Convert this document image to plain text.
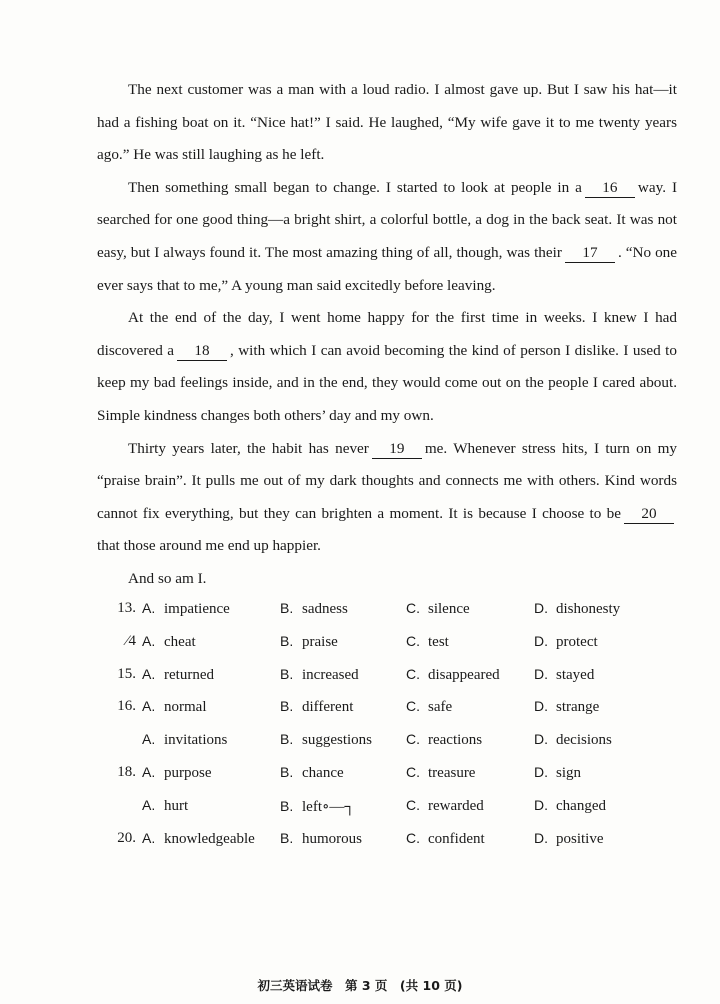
The next customer was a man with a loud radio. I almost gave up. But I saw his hat—it had a fishing boat on it. “Nice hat!” I said. He laughed, “My wife gave it to me twenty years ago.” He was still laughing as he left.

Then something small began to change. I started to look at people in a 16 way. I searched for one good thing—a bright shirt, a colorful bottle, a dog in the back seat. It was not easy, but I always found it. The most amazing thing of all, though, was their 17 . “No one ever says that to me,” A young man said excitedly before leaving.

At the end of the day, I went home happy for the first time in weeks. I knew I had discovered a 18 , with which I can avoid becoming the kind of person I dislike. I used to keep my bad feelings inside, and in the end, they would come out on the people I cared about. Simple kindness changes both others’ day and my own.

Thirty years later, the habit has never 19 me. Whenever stress hits, I turn on my “praise brain”. It pulls me out of my dark thoughts and connects me with others. Kind words cannot fix everything, but they can brighten a moment. It is because I choose to be 20that those around me end up happier.

And so am I.

13. A. impatience	B. sadness	C. silence	D. dishonesty
⁄4 A. cheat	B. praise	C. test	D. protect
15. A. returned	B. increased	C. disappeared D. stayed
16. A. normal	B. different	C. safe	D. strange
A. invitations	B. suggestions C. reactions	D. decisions
18. A. purpose	B. chance	C. treasure	D. sign
A. hurt	B. left∘—┐	C. rewarded	D. changed
20. A. knowledgeable B. humorous	C. confident	D. positive
初三英语试卷　第 3 页　(共 10 页)
